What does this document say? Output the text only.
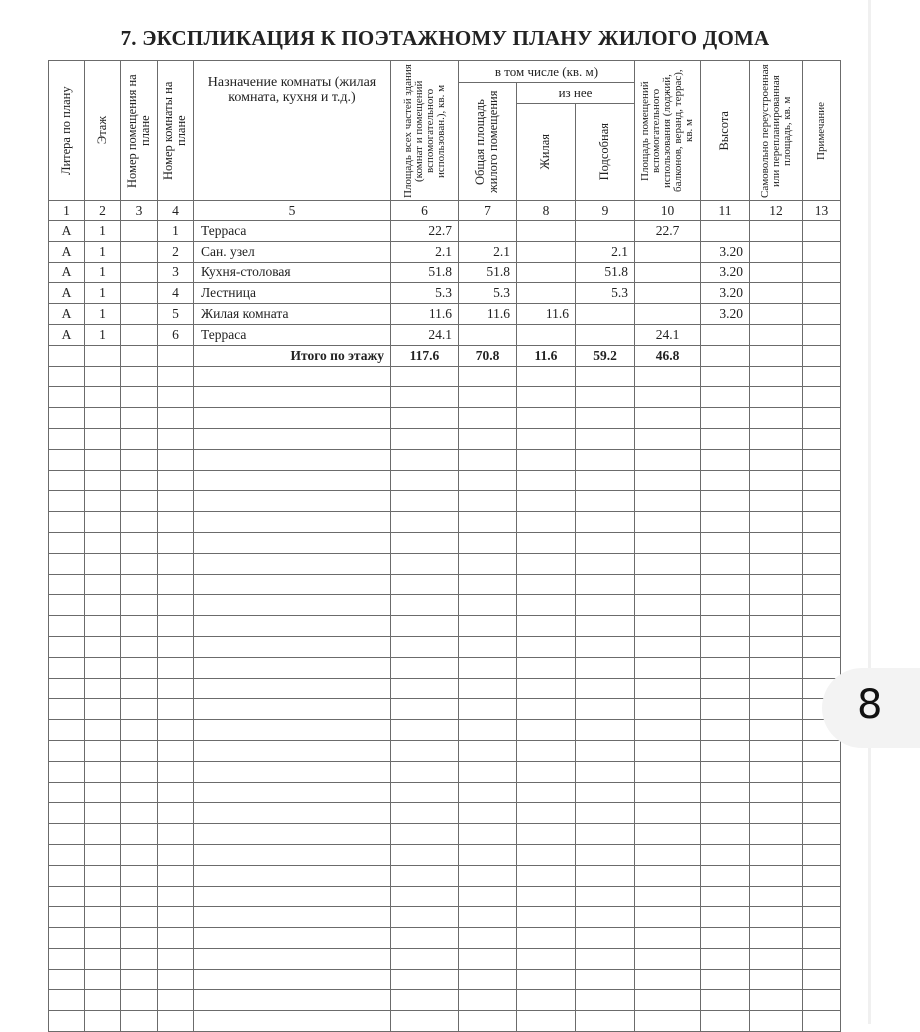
7. ЭКСПЛИКАЦИЯ К ПОЭТАЖНОМУ ПЛАНУ ЖИЛОГО ДОМА
Литера по плану	Этаж	Номер помещения на плане	Номер комнаты на плане	Назначение комнаты (жилая комната, кухня и т.д.)	Площадь всех частей здания (комнат и помещений вспомогательного использован.), кв. м	в том числе (кв. м)			Площадь помещений вспомогательного использования (лоджий, балконов, веранд, террас), кв. м	Высота	Самовольно переустроенная или перепланированная площадь, кв. м	Примечание

						Общая площадь жилого помещения	из нее					

							Жилая	Подсобная				

1	2	3	4	5	6	7	8	9	10	11	12	13
А	1		1	Терраса	22.7				22.7			
А	1		2	Сан. узел	2.1	2.1		2.1		3.20		
А	1		3	Кухня-столовая	51.8	51.8		51.8		3.20		
А	1		4	Лестница	5.3	5.3		5.3		3.20		
А	1		5	Жилая комната	11.6	11.6	11.6			3.20		
А	1		6	Терраса	24.1				24.1			
				Итого по этажу	117.6	70.8	11.6	59.2	46.8			

8
